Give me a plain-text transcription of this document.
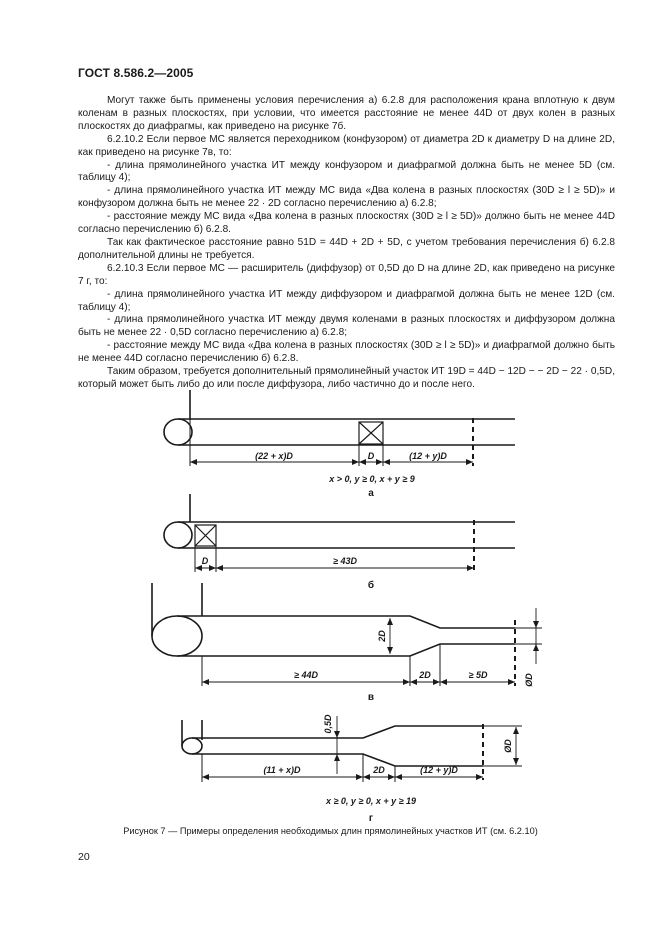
ГОСТ 8.586.2—2005

Могут также быть применены условия перечисления а) 6.2.8 для расположения крана вплотную к двум коленам в разных плоскостях, при условии, что имеется расстояние не менее 44D от двух колен в разных плоскостях до диафрагмы, как приведено на рисунке 7б.

6.2.10.2 Если первое МС является переходником (конфузором) от диаметра 2D к диаметру D на длине 2D, как приведено на рисунке 7в, то:

- длина прямолинейного участка ИТ между конфузором и диафрагмой должна быть не менее 5D (см. таблицу 4);

- длина прямолинейного участка ИТ между МС вида «Два колена в разных плоскостях (30D ≥ l ≥ 5D)» и конфузором должна быть не менее 22 · 2D согласно перечислению а) 6.2.8;

- расстояние между МС вида «Два колена в разных плоскостях (30D ≥ l ≥ 5D)» должно быть не менее 44D согласно перечислению б) 6.2.8.

Так как фактическое расстояние равно 51D = 44D + 2D + 5D, с учетом требования перечисления б) 6.2.8 дополнительной длины не требуется.

6.2.10.3 Если первое МС — расширитель (диффузор) от 0,5D до D на длине 2D, как приведено на рисунке 7 г, то:

- длина прямолинейного участка ИТ между диффузором и диафрагмой должна быть не менее 12D (см. таблицу 4);

- длина прямолинейного участка ИТ между двумя коленами в разных плоскостях и диффузором должна быть не менее 22 · 0,5D согласно перечислению а) 6.2.8;

- расстояние между МС вида «Два колена в разных плоскостях (30D ≥ l ≥ 5D)» и диафрагмой должно быть не менее 44D согласно перечислению б) 6.2.8.

Таким образом, требуется дополнительный прямолинейный участок ИТ 19D = 44D − 12D − − 2D − 22 · 0,5D, который может быть либо до или после диффузора, либо частично до и после него.

(22 + x)D	D	(12 + y)D
x > 0, y ≥ 0, x + y ≥ 9
а
D	≥ 43D
б
2D
≥ 44D	2D	≥ 5D	ØD
в
0,5D
(11 + x)D	2D	(12 + y)D
ØD
x ≥ 0, y ≥ 0, x + y ≥ 19
г
Рисунок 7 — Примеры определения необходимых длин прямолинейных участков ИТ (см. 6.2.10)
20
